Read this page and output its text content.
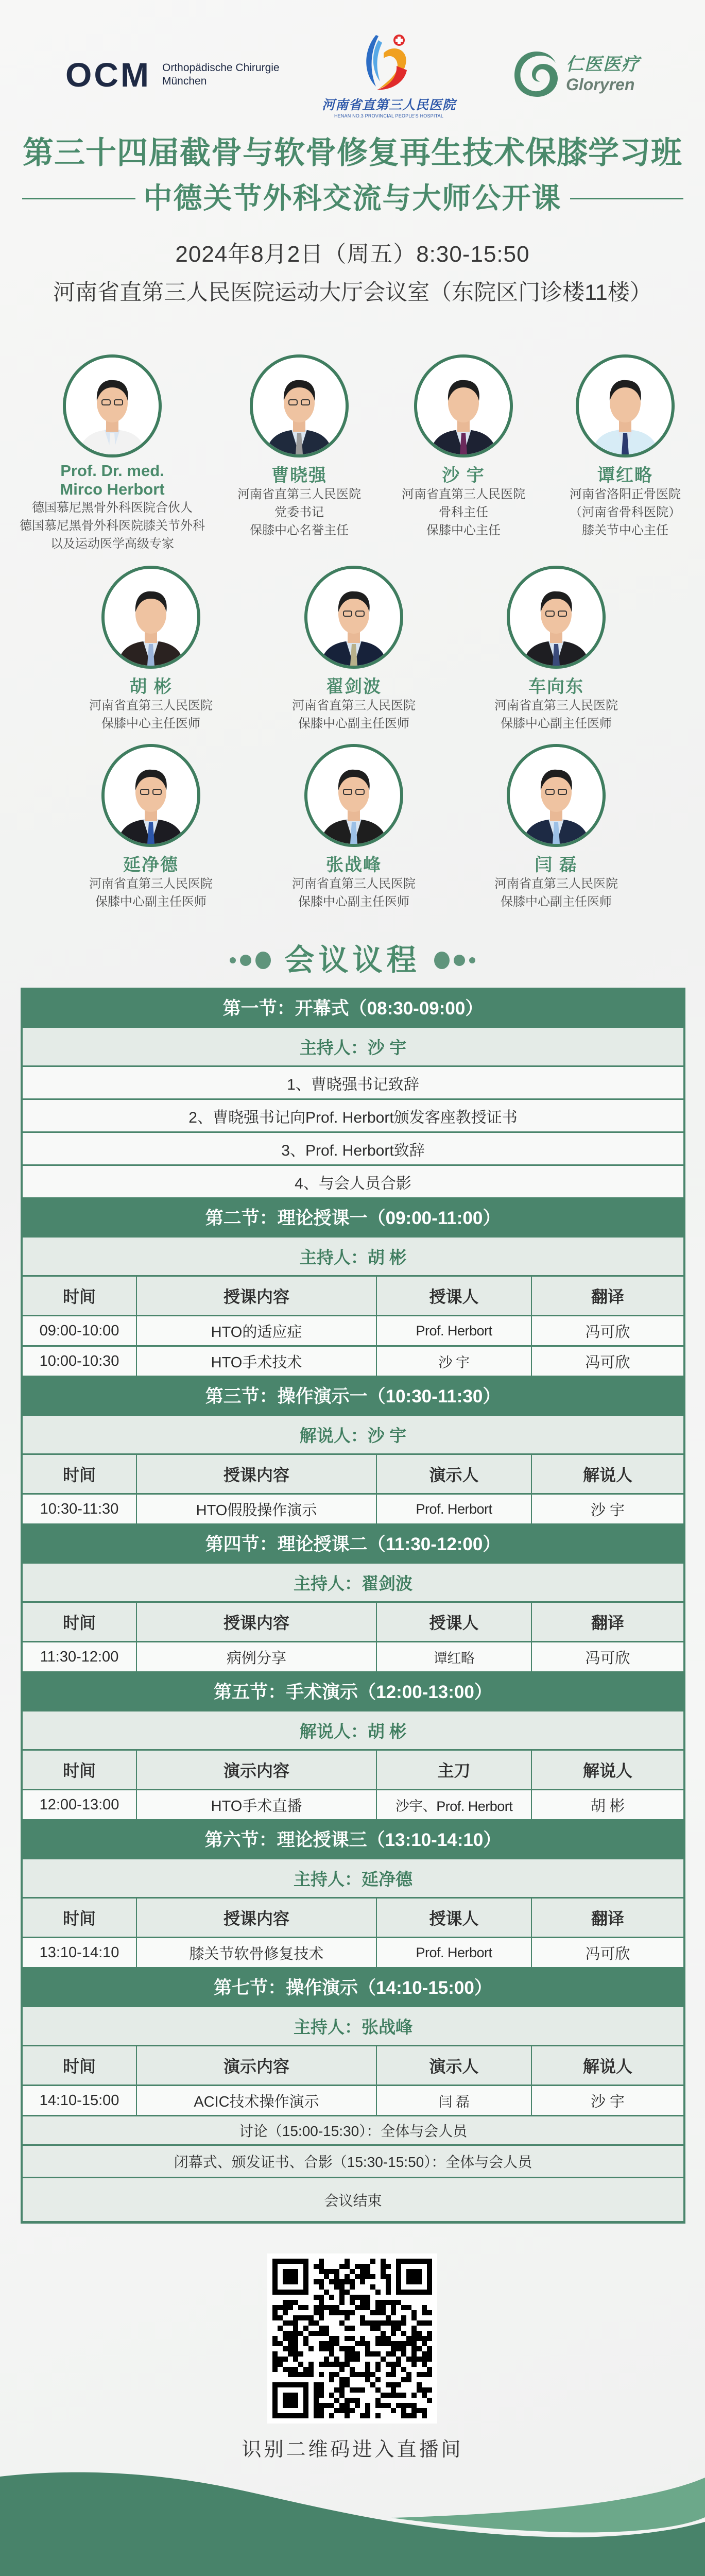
OCM Orthopädische Chirurgie
München
河南省直第三人民医院
HENAN NO.3 PROVINCIAL PEOPLE'S HOSPITAL
仁医医疗
Gloryren
第三十四届截骨与软骨修复再生技术保膝学习班
中德关节外科交流与大师公开课
2024年8月2日（周五）8:30-15:50
河南省直第三人民医院运动大厅会议室（东院区门诊楼11楼）
Prof. Dr. med.
Mirco Herbort
德国慕尼黑骨外科医院合伙人
德国慕尼黑骨外科医院膝关节外科
以及运动医学高级专家
曹晓强
河南省直第三人民医院
党委书记
保膝中心名誉主任
沙 宇
河南省直第三人民医院
骨科主任
保膝中心主任
谭红略
河南省洛阳正骨医院
（河南省骨科医院）
膝关节中心主任
胡 彬
河南省直第三人民医院
保膝中心主任医师
翟剑波
河南省直第三人民医院
保膝中心副主任医师
车向东
河南省直第三人民医院
保膝中心副主任医师
延净德
河南省直第三人民医院
保膝中心副主任医师
张战峰
河南省直第三人民医院
保膝中心副主任医师
闫 磊
河南省直第三人民医院
保膝中心副主任医师
会议议程
第一节：开幕式（08:30-09:00）
主持人：沙 宇
1、曹晓强书记致辞
2、曹晓强书记向Prof. Herbort颁发客座教授证书
3、Prof. Herbort致辞
4、与会人员合影
第二节：理论授课一（09:00-11:00）
主持人：胡 彬
时间	授课内容	授课人	翻译
09:00-10:00	HTO的适应症	Prof. Herbort	冯可欣
10:00-10:30	HTO手术技术	沙 宇	冯可欣
第三节：操作演示一（10:30-11:30）
解说人：沙 宇
时间	授课内容	演示人	解说人
10:30-11:30	HTO假股操作演示	Prof. Herbort	沙 宇
第四节：理论授课二（11:30-12:00）
主持人：翟剑波
时间	授课内容	授课人	翻译
11:30-12:00	病例分享	谭红略	冯可欣
第五节：手术演示（12:00-13:00）
解说人：胡 彬
时间	演示内容	主刀	解说人
12:00-13:00	HTO手术直播	沙宇、Prof. Herbort	胡 彬
第六节：理论授课三（13:10-14:10）
主持人：延净德
时间	授课内容	授课人	翻译
13:10-14:10	膝关节软骨修复技术	Prof. Herbort	冯可欣
第七节：操作演示（14:10-15:00）
主持人：张战峰
时间	演示内容	演示人	解说人
14:10-15:00	ACIC技术操作演示	闫 磊	沙 宇
讨论（15:00-15:30）：全体与会人员
闭幕式、颁发证书、合影（15:30-15:50）：全体与会人员
会议结束
识别二维码进入直播间
